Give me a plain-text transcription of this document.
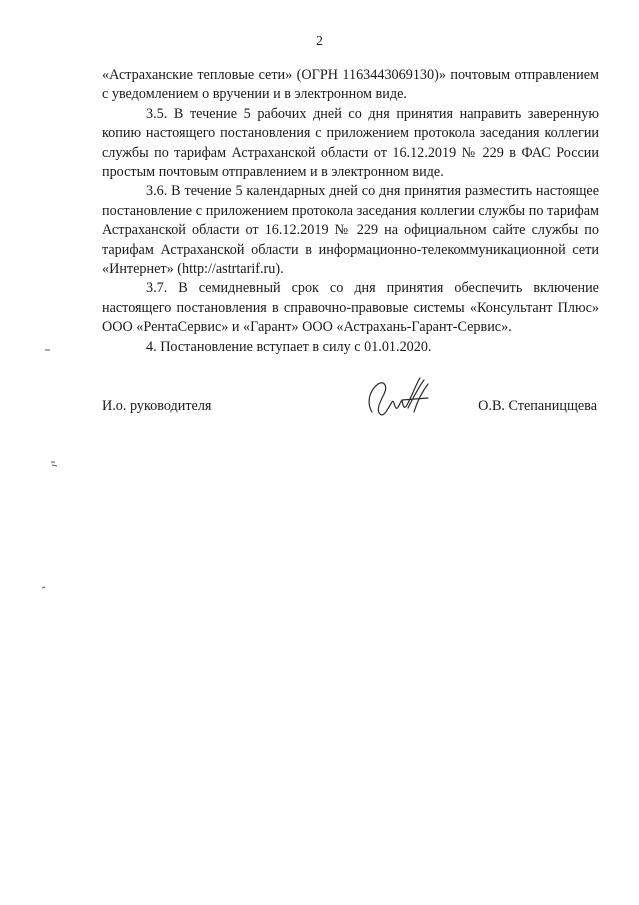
2

«Астраханские тепловые сети» (ОГРН 1163443069130)» почтовым отправлением с уведомлением о вручении и в электронном виде.

3.5. В течение 5 рабочих дней со дня принятия направить заверенную копию настоящего постановления с приложением протокола заседания коллегии службы по тарифам Астраханской области от 16.12.2019 № 229 в ФАС России простым почтовым отправлением и в электронном виде.

3.6. В течение 5 календарных дней со дня принятия разместить настоящее постановление с приложением протокола заседания коллегии службы по тарифам Астраханской области от 16.12.2019 № 229 на официальном сайте службы по тарифам Астраханской области в информационно-телекоммуникационной сети «Интернет» (http://astrtarif.ru).

3.7. В семидневный срок со дня принятия обеспечить включение настоящего постановления в справочно-правовые системы «Консультант Плюс» ООО «РентаСервис» и «Гарант» ООО «Астрахань-Гарант-Сервис».

4. Постановление вступает в силу с 01.01.2020.

И.о. руководителя	О.В. Степаницщева
